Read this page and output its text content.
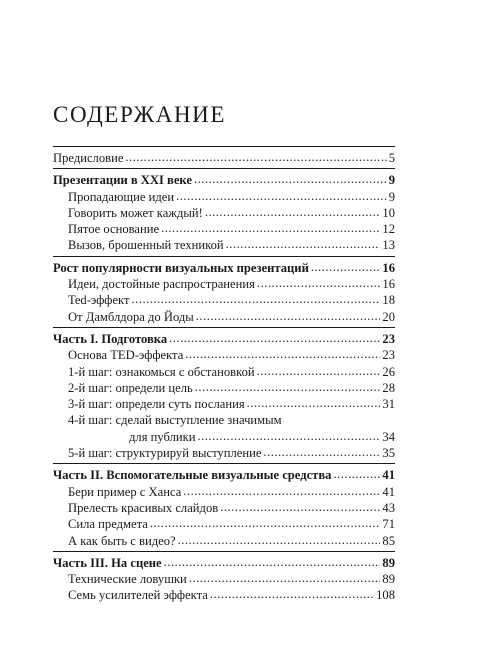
СОДЕРЖАНИЕ
Предисловие .....	5
Презентации в XXI веке .....	9
Пропадающие идеи .....	9
Говорить может каждый! .....	10
Пятое основание .....	12
Вызов, брошенный техникой .....	13
Рост популярности визуальных презентаций .....	16
Идеи, достойные распространения .....	16
Ted-эффект .....	18
От Дамблдора до Йоды .....	20
Часть I. Подготовка .....	23
Основа TED-эффекта .....	23
1-й шаг: ознакомься с обстановкой .....	26
2-й шаг: определи цель .....	28
3-й шаг: определи суть послания .....	31
4-й шаг: сделай выступление значимым
для публики .....	34
5-й шаг: структурируй выступление .....	35
Часть II. Вспомогательные визуальные средства .....	41
Бери пример с Ханса .....	41
Прелесть красивых слайдов .....	43
Сила предмета .....	71
А как быть с видео? .....	85
Часть III. На сцене .....	89
Технические ловушки .....	89
Семь усилителей эффекта .....	108
